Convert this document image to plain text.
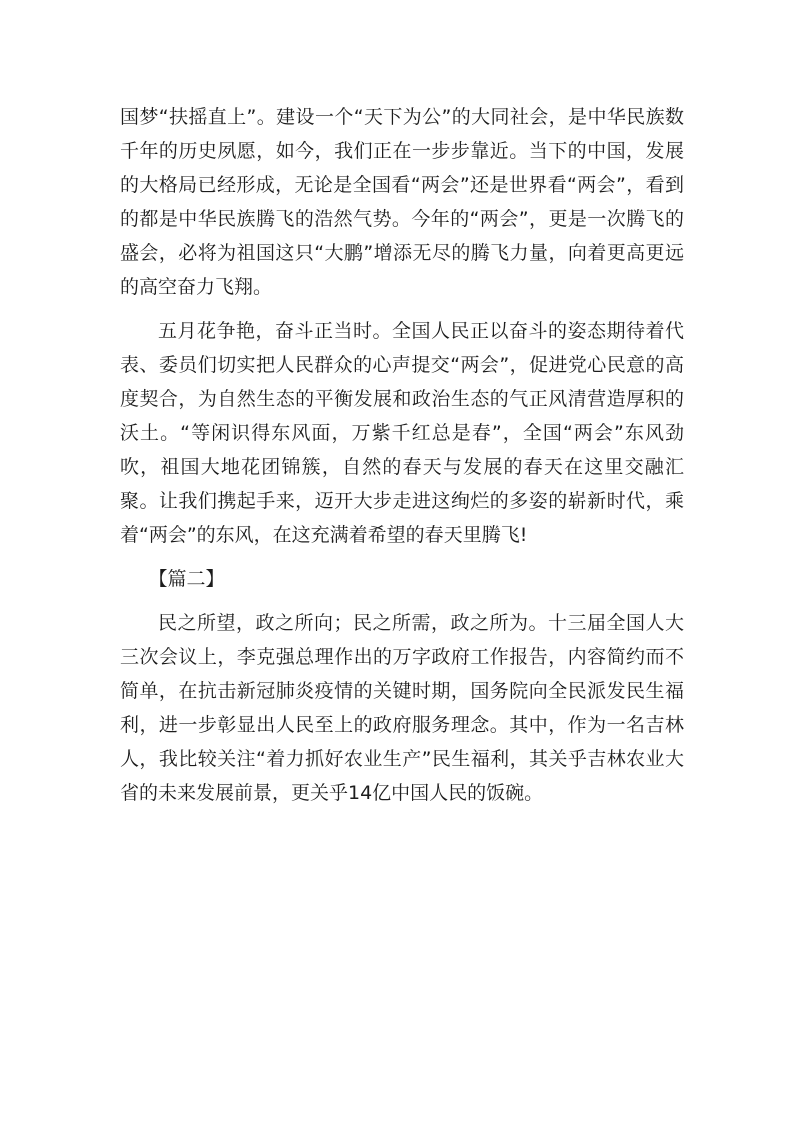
国梦“扶摇直上”。建设一个“天下为公”的大同社会，是中华民族数千年的历史夙愿，如今，我们正在一步步靠近。当下的中国，发展的大格局已经形成，无论是全国看“两会”还是世界看“两会”，看到的都是中华民族腾飞的浩然气势。今年的“两会”，更是一次腾飞的盛会，必将为祖国这只“大鹏”增添无尽的腾飞力量，向着更高更远的高空奋力飞翔。

五月花争艳，奋斗正当时。全国人民正以奋斗的姿态期待着代表、委员们切实把人民群众的心声提交“两会”，促进党心民意的高度契合，为自然生态的平衡发展和政治生态的气正风清营造厚积的沃土。“等闲识得东风面，万紫千红总是春”，全国“两会”东风劲吹，祖国大地花团锦簇，自然的春天与发展的春天在这里交融汇聚。让我们携起手来，迈开大步走进这绚烂的多姿的崭新时代，乘着“两会”的东风，在这充满着希望的春天里腾飞!

【篇二】

民之所望，政之所向；民之所需，政之所为。十三届全国人大三次会议上，李克强总理作出的万字政府工作报告，内容简约而不简单，在抗击新冠肺炎疫情的关键时期，国务院向全民派发民生福利，进一步彰显出人民至上的政府服务理念。其中，作为一名吉林人，我比较关注“着力抓好农业生产”民生福利，其关乎吉林农业大省的未来发展前景，更关乎14亿中国人民的饭碗。
